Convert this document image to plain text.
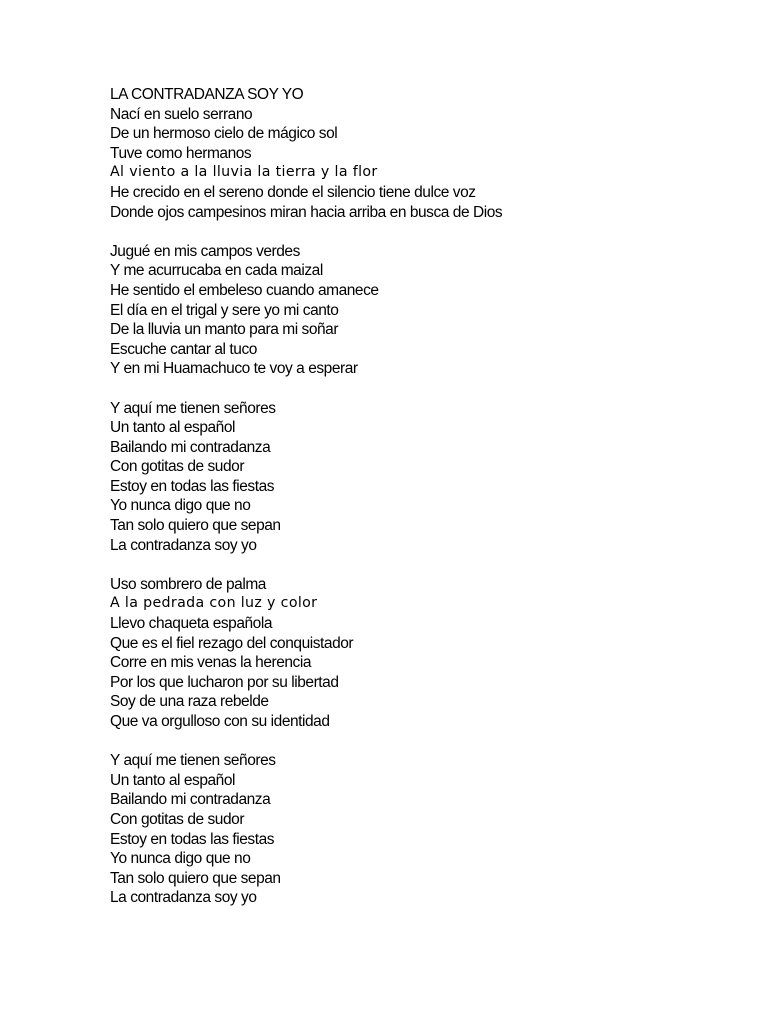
LA CONTRADANZA SOY YO
Nací en suelo serrano
De un hermoso cielo de mágico sol
Tuve como hermanos
Al viento a la lluvia la tierra y la flor
He crecido en el sereno donde el silencio tiene dulce voz
Donde ojos campesinos miran hacia arriba en busca de Dios
Jugué en mis campos verdes
Y me acurrucaba en cada maizal
He sentido el embeleso cuando amanece
El día en el trigal y sere yo mi canto
De la lluvia un manto para mi soñar
Escuche cantar al tuco
Y en mi Huamachuco te voy a esperar
Y aquí me tienen señores
Un tanto al español
Bailando mi contradanza
Con gotitas de sudor
Estoy en todas las fiestas
Yo nunca digo que no
Tan solo quiero que sepan
La contradanza soy yo
Uso sombrero de palma
A la pedrada con luz y color
Llevo chaqueta española
Que es el fiel rezago del conquistador
Corre en mis venas la herencia
Por los que lucharon por su libertad
Soy de una raza rebelde
Que va orgulloso con su identidad
Y aquí me tienen señores
Un tanto al español
Bailando mi contradanza
Con gotitas de sudor
Estoy en todas las fiestas
Yo nunca digo que no
Tan solo quiero que sepan
La contradanza soy yo
